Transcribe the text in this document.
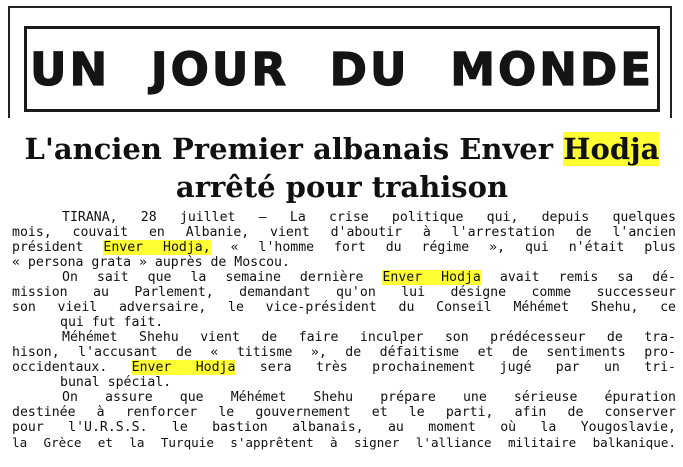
UN JOUR DU MONDE
L'ancien Premier albanais Enver Hodja
arrêté pour trahison
TIRANA, 28 juillet — La crise politique qui, depuis quelques
mois, couvait en Albanie, vient d'aboutir à l'arrestation de l'ancien
président Enver Hodja, « l'homme fort du régime », qui n'était plus
« persona grata » auprès de Moscou.
On sait que la semaine dernière Enver Hodja avait remis sa dé-
mission au Parlement, demandant qu'on lui désigne comme successeur
son vieil adversaire, le vice-président du Conseil Méhémet Shehu, ce
qui fut fait.
Méhémet Shehu vient de faire inculper son prédécesseur de tra-
hison, l'accusant de « titisme », de défaitisme et de sentiments pro-
occidentaux. Enver Hodja sera très prochainement jugé par un tri-
bunal spécial.
On assure que Méhémet Shehu prépare une sérieuse épuration
destinée à renforcer le gouvernement et le parti, afin de conserver
pour l'U.R.S.S. le bastion albanais, au moment où la Yougoslavie,
la Grèce et la Turquie s'apprêtent à signer l'alliance militaire balkanique.
